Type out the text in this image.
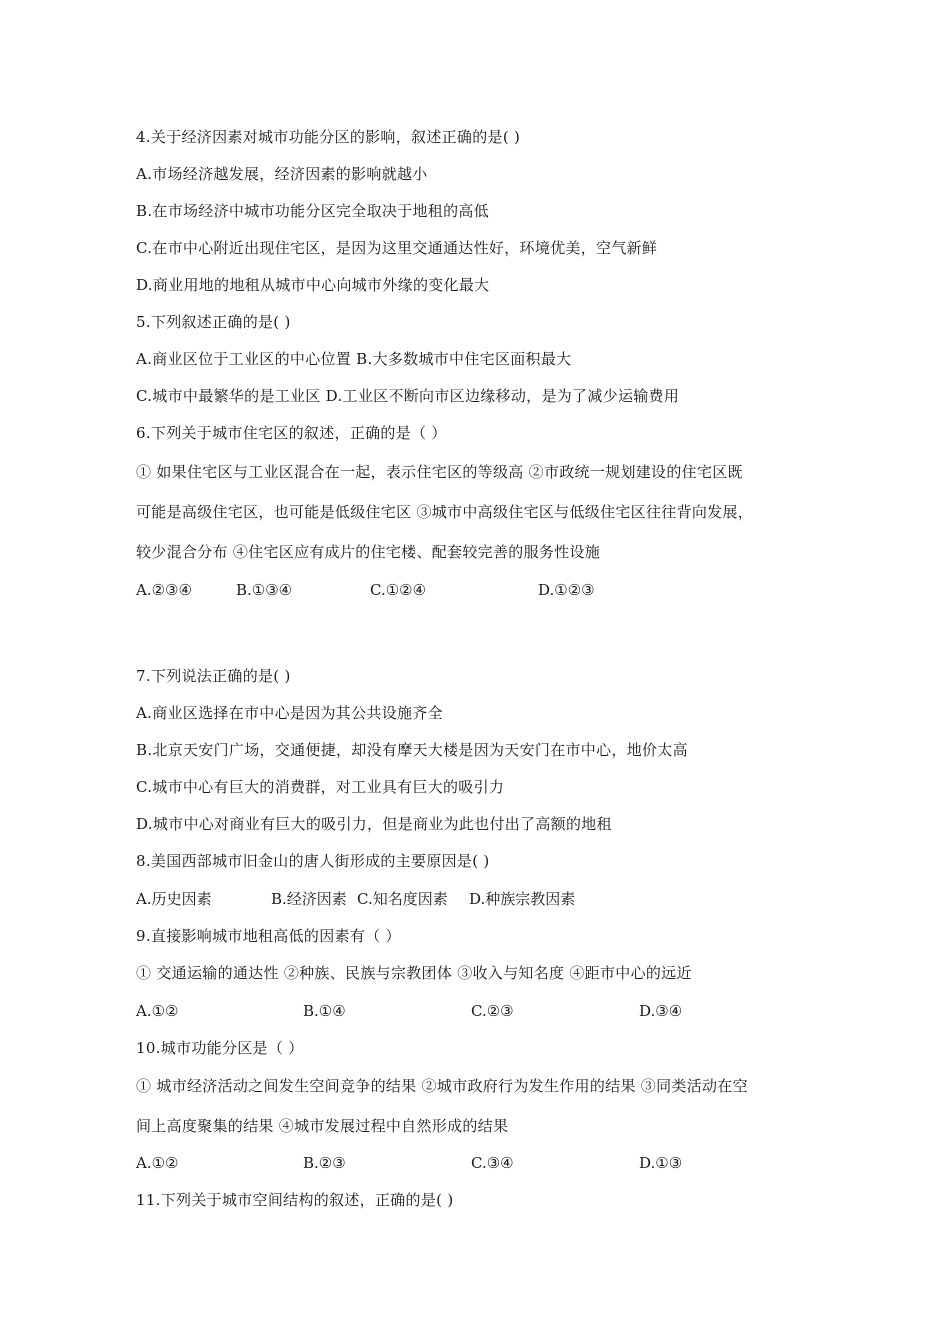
4.关于经济因素对城市功能分区的影响，叙述正确的是( )
A.市场经济越发展，经济因素的影响就越小
B.在市场经济中城市功能分区完全取决于地租的高低
C.在市中心附近出现住宅区，是因为这里交通通达性好，环境优美，空气新鲜
D.商业用地的地租从城市中心向城市外缘的变化最大
5.下列叙述正确的是( )
A.商业区位于工业区的中心位置 B.大多数城市中住宅区面积最大
C.城市中最繁华的是工业区 D.工业区不断向市区边缘移动，是为了减少运输费用
6.下列关于城市住宅区的叙述，正确的是（ ）
① 如果住宅区与工业区混合在一起，表示住宅区的等级高 ②市政统一规划建设的住宅区既
可能是高级住宅区，也可能是低级住宅区 ③城市中高级住宅区与低级住宅区往往背向发展，
较少混合分布 ④住宅区应有成片的住宅楼、配套较完善的服务性设施
A.②③④	B.①③④	C.①②④	D.①②③
7.下列说法正确的是( )
A.商业区选择在市中心是因为其公共设施齐全
B.北京天安门广场，交通便捷，却没有摩天大楼是因为天安门在市中心，地价太高
C.城市中心有巨大的消费群，对工业具有巨大的吸引力
D.城市中心对商业有巨大的吸引力，但是商业为此也付出了高额的地租
8.美国西部城市旧金山的唐人街形成的主要原因是( )
A.历史因素	B.经济因素 C.知名度因素 D.种族宗教因素
9.直接影响城市地租高低的因素有（ ）
① 交通运输的通达性 ②种族、民族与宗教团体 ③收入与知名度 ④距市中心的远近
A.①②	B.①④	C.②③	D.③④
10.城市功能分区是（ ）
① 城市经济活动之间发生空间竞争的结果 ②城市政府行为发生作用的结果 ③同类活动在空
间上高度聚集的结果 ④城市发展过程中自然形成的结果
A.①②	B.②③	C.③④	D.①③
11.下列关于城市空间结构的叙述，正确的是( )
